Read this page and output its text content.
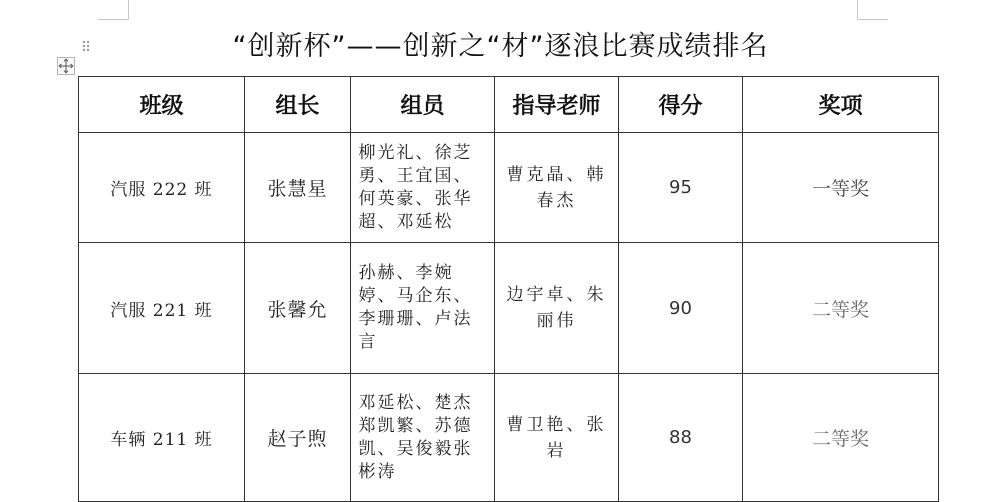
“创新杯”——创新之“材”逐浪比赛成绩排名
班级	组长	组员	指导老师	得分	奖项
汽服 222 班	张慧星	柳光礼、徐芝勇、王宜国、何英豪、张华超、邓延松	曹克晶、韩春杰	95	一等奖
汽服 221 班	张馨允	孙赫、李婉婷、马企东、李珊珊、卢法言	边宇卓、朱丽伟	90	二等奖
车辆 211 班	赵子煦	邓延松、楚杰郑凯繁、苏德凯、吴俊毅张彬涛	曹卫艳、张岩	88	二等奖
